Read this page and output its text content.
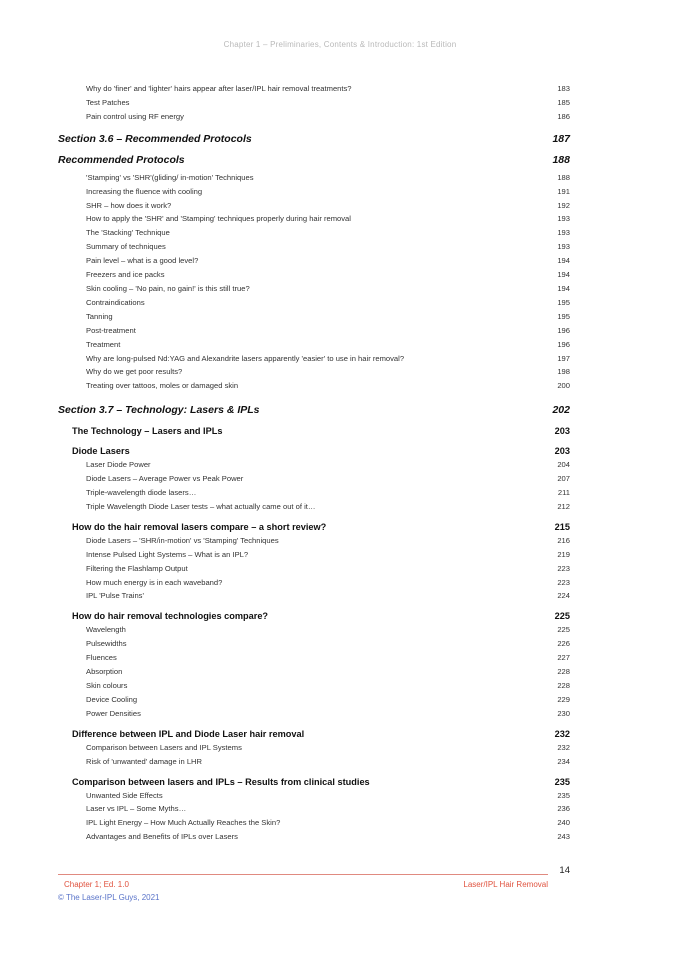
Chapter 1 – Preliminaries, Contents & Introduction: 1st Edition
Why do 'finer' and 'lighter' hairs appear after laser/IPL hair removal treatments?	183
Test Patches	185
Pain control using RF energy	186
Section 3.6 – Recommended Protocols	187
Recommended Protocols	188
'Stamping' vs 'SHR'(gliding/ in-motion' Techniques	188
Increasing the fluence with cooling	191
SHR – how does it work?	192
How to apply the 'SHR' and 'Stamping' techniques properly during hair removal	193
The 'Stacking' Technique	193
Summary of techniques	193
Pain level – what is a good level?	194
Freezers and ice packs	194
Skin cooling – 'No pain, no gain!' is this still true?	194
Contraindications	195
Tanning	195
Post-treatment	196
Treatment	196
Why are long-pulsed Nd:YAG and Alexandrite lasers apparently 'easier' to use in hair removal?	197
Why do we get poor results?	198
Treating over tattoos, moles or damaged skin	200
Section 3.7 – Technology: Lasers & IPLs	202
The Technology – Lasers and IPLs	203
Diode Lasers	203
Laser Diode Power	204
Diode Lasers – Average Power vs Peak Power	207
Triple-wavelength diode lasers…	211
Triple Wavelength Diode Laser tests – what actually came out of it…	212
How do the hair removal lasers compare – a short review?	215
Diode Lasers – 'SHR/in-motion' vs 'Stamping' Techniques	216
Intense Pulsed Light Systems – What is an IPL?	219
Filtering the Flashlamp Output	223
How much energy is in each waveband?	223
IPL 'Pulse Trains'	224
How do hair removal technologies compare?	225
Wavelength	225
Pulsewidths	226
Fluences	227
Absorption	228
Skin colours	228
Device Cooling	229
Power Densities	230
Difference between IPL and Diode Laser hair removal	232
Comparison between Lasers and IPL Systems	232
Risk of 'unwanted' damage in LHR	234
Comparison between lasers and IPLs – Results from clinical studies	235
Unwanted Side Effects	235
Laser vs IPL – Some Myths…	236
IPL Light Energy – How Much Actually Reaches the Skin?	240
Advantages and Benefits of IPLs over Lasers	243
14
Chapter 1; Ed. 1.0	Laser/IPL Hair Removal
© The Laser-IPL Guys, 2021
